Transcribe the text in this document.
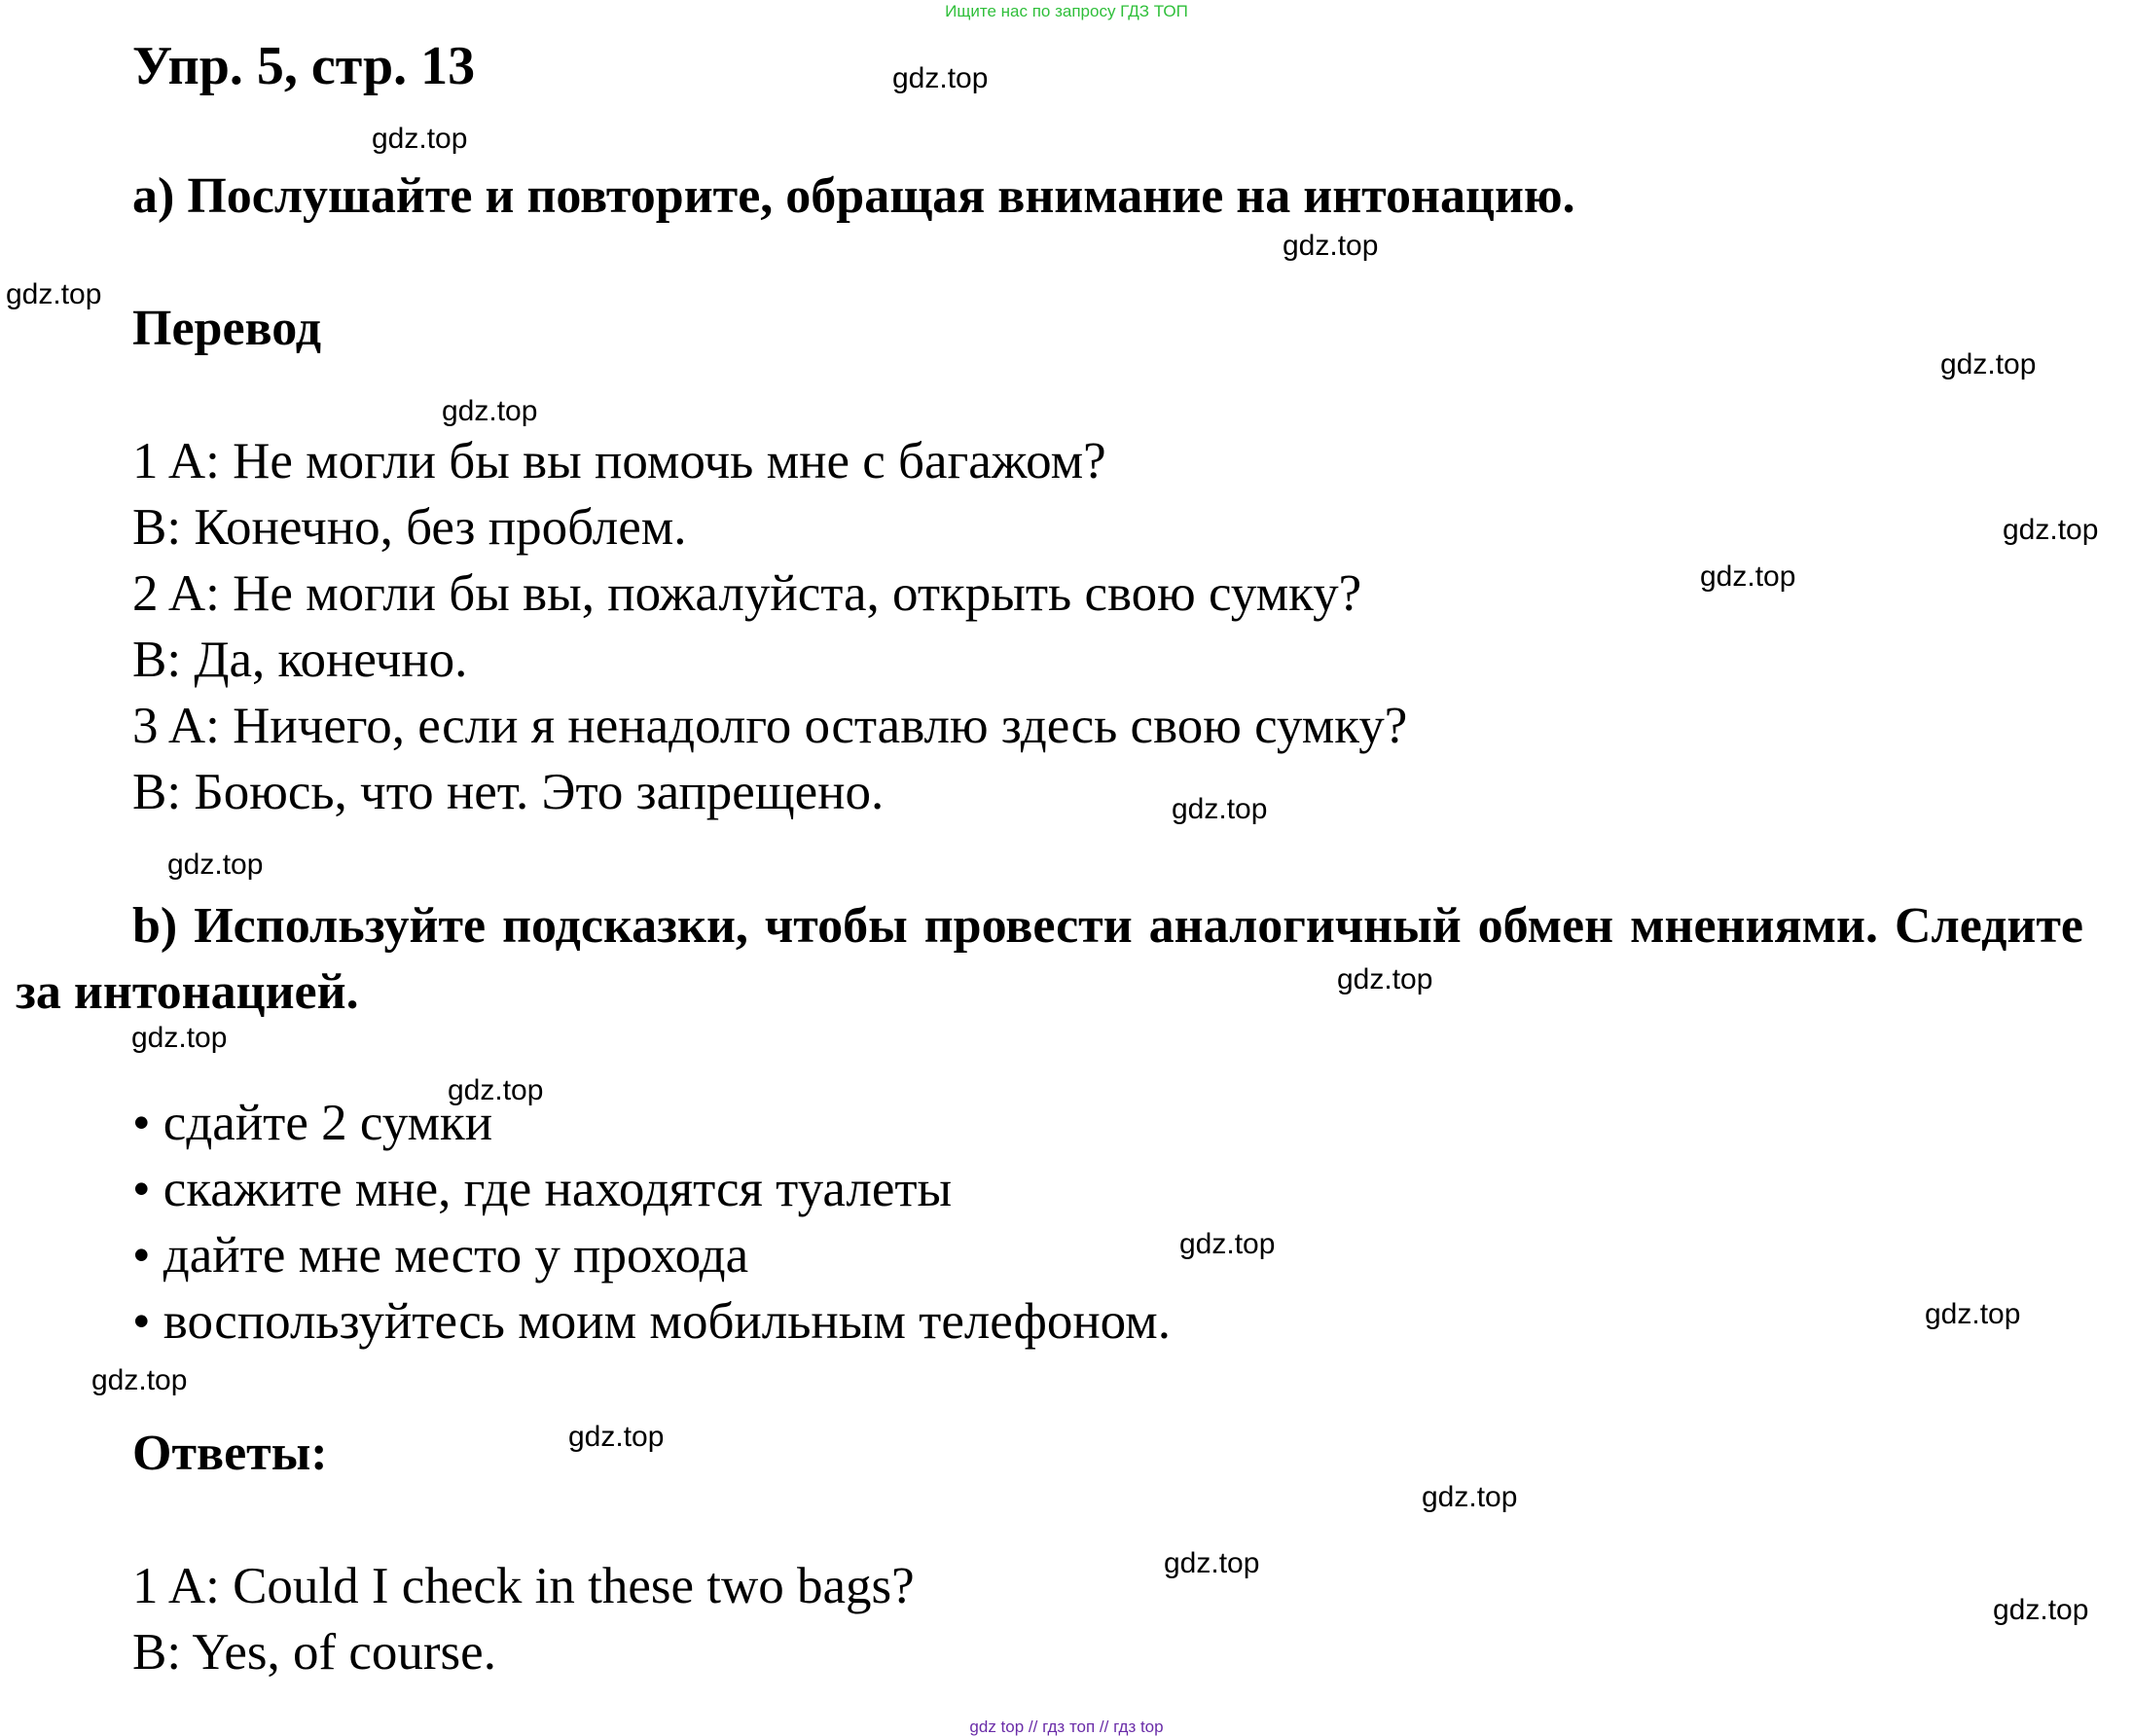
Ищите нас по запросу ГДЗ ТОП
Упр. 5, стр. 13
a) Послушайте и повторите, обращая внимание на интонацию.
Перевод
1 A: Не могли бы вы помочь мне с багажом?
B: Конечно, без проблем.
2 A: Не могли бы вы, пожалуйста, открыть свою сумку?
B: Да, конечно.
3 A: Ничего, если я ненадолго оставлю здесь свою сумку?
B: Боюсь, что нет. Это запрещено.
b) Используйте подсказки, чтобы провести аналогичный обмен мнениями. Следите за интонацией.
• сдайте 2 сумки
• скажите мне, где находятся туалеты
• дайте мне место у прохода
• воспользуйтесь моим мобильным телефоном.
Ответы:
1 A: Could I check in these two bags?
B: Yes, of course.
gdz.top
gdz.top
gdz.top
gdz.top
gdz.top
gdz.top
gdz.top
gdz.top
gdz.top
gdz.top
gdz.top
gdz.top
gdz.top
gdz.top
gdz.top
gdz.top
gdz.top
gdz.top
gdz.top
gdz.top
gdz top // гдз топ // гдз top
